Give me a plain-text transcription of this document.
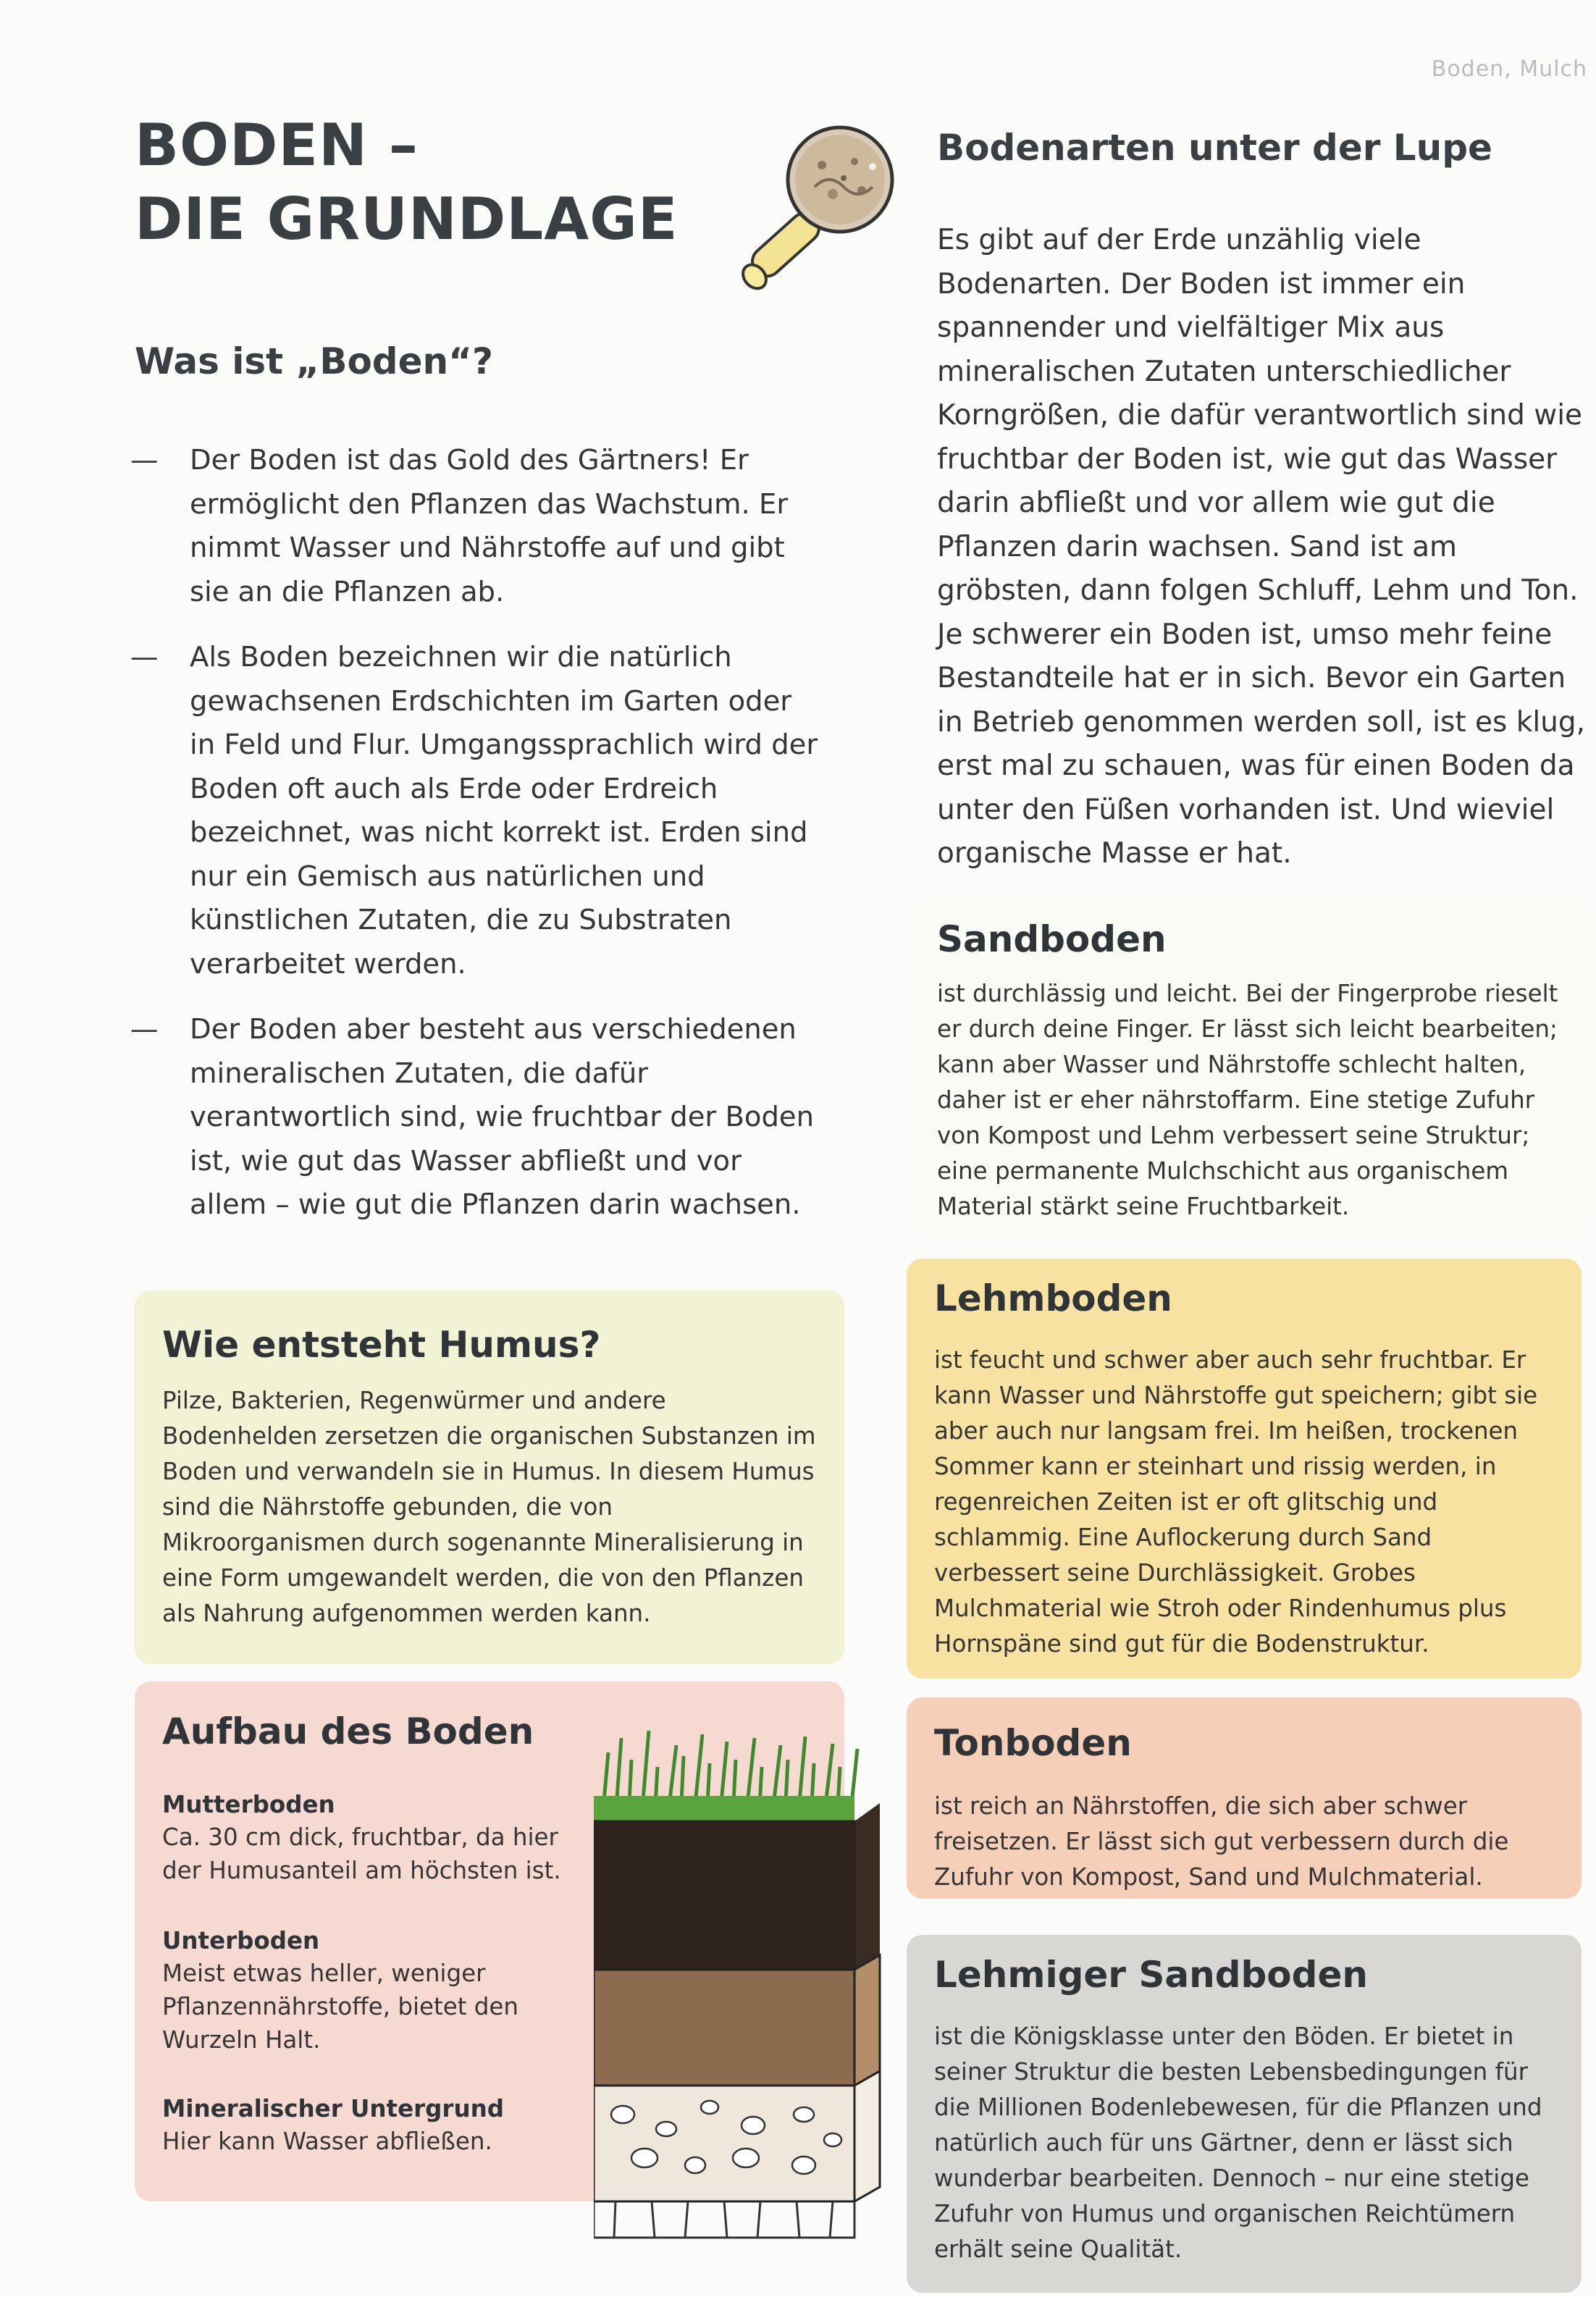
Boden, Mulch
BODEN –
DIE GRUNDLAGE
Was ist „Boden“?
— Der Boden ist das Gold des Gärtners! Er ermöglicht den Pflanzen das Wachstum. Er nimmt Wasser und Nährstoffe auf und gibt sie an die Pflanzen ab.
— Als Boden bezeichnen wir die natürlich gewachsenen Erdschichten im Garten oder in Feld und Flur. Umgangssprachlich wird der Boden oft auch als Erde oder Erdreich bezeichnet, was nicht korrekt ist. Erden sind nur ein Gemisch aus natürlichen und künstlichen Zutaten, die zu Substraten verarbeitet werden.
— Der Boden aber besteht aus verschiedenen mineralischen Zutaten, die dafür verantwortlich sind, wie fruchtbar der Boden ist, wie gut das Wasser abfließt und vor allem – wie gut die Pflanzen darin wachsen.
Bodenarten unter der Lupe

Es gibt auf der Erde unzählig viele Bodenarten. Der Boden ist immer ein spannender und vielfältiger Mix aus mineralischen Zutaten unterschiedlicher Korngrößen, die dafür verantwortlich sind wie fruchtbar der Boden ist, wie gut das Wasser darin abfließt und vor allem wie gut die Pflanzen darin wachsen. Sand ist am gröbsten, dann folgen Schluff, Lehm und Ton. Je schwerer ein Boden ist, umso mehr feine Bestandteile hat er in sich. Bevor ein Garten in Betrieb genommen werden soll, ist es klug, erst mal zu schauen, was für einen Boden da unter den Füßen vorhanden ist. Und wieviel organische Masse er hat.

Sandboden

ist durchlässig und leicht. Bei der Fingerprobe rieselt er durch deine Finger. Er lässt sich leicht bearbeiten; kann aber Wasser und Nährstoffe schlecht halten, daher ist er eher nährstoffarm. Eine stetige Zufuhr von Kompost und Lehm verbessert seine Struktur; eine permanente Mulchschicht aus organischem Material stärkt seine Fruchtbarkeit.

Lehmboden

ist feucht und schwer aber auch sehr fruchtbar. Er kann Wasser und Nährstoffe gut speichern; gibt sie aber auch nur langsam frei. Im heißen, trockenen Sommer kann er steinhart und rissig werden, in regenreichen Zeiten ist er oft glitschig und schlammig. Eine Auflockerung durch Sand verbessert seine Durchlässigkeit. Grobes Mulchmaterial wie Stroh oder Rindenhumus plus Hornspäne sind gut für die Bodenstruktur.

Tonboden

ist reich an Nährstoffen, die sich aber schwer freisetzen. Er lässt sich gut verbessern durch die Zufuhr von Kompost, Sand und Mulchmaterial.

Lehmiger Sandboden

ist die Königsklasse unter den Böden. Er bietet in seiner Struktur die besten Lebensbedingungen für die Millionen Bodenlebewesen, für die Pflanzen und natürlich auch für uns Gärtner, denn er lässt sich wunderbar bearbeiten. Dennoch – nur eine stetige Zufuhr von Humus und organischen Reichtümern erhält seine Qualität.

Wie entsteht Humus?

Pilze, Bakterien, Regenwürmer und andere Bodenhelden zersetzen die organischen Substanzen im Boden und verwandeln sie in Humus. In diesem Humus sind die Nährstoffe gebunden, die von Mikroorganismen durch sogenannte Mineralisierung in eine Form umgewandelt werden, die von den Pflanzen als Nahrung aufgenommen werden kann.

Aufbau des Boden
Mutterboden
Ca. 30 cm dick, fruchtbar, da hier der Humusanteil am höchsten ist.
Unterboden
Meist etwas heller, weniger Pflanzennährstoffe, bietet den Wurzeln Halt.
Mineralischer Untergrund
Hier kann Wasser abfließen.
